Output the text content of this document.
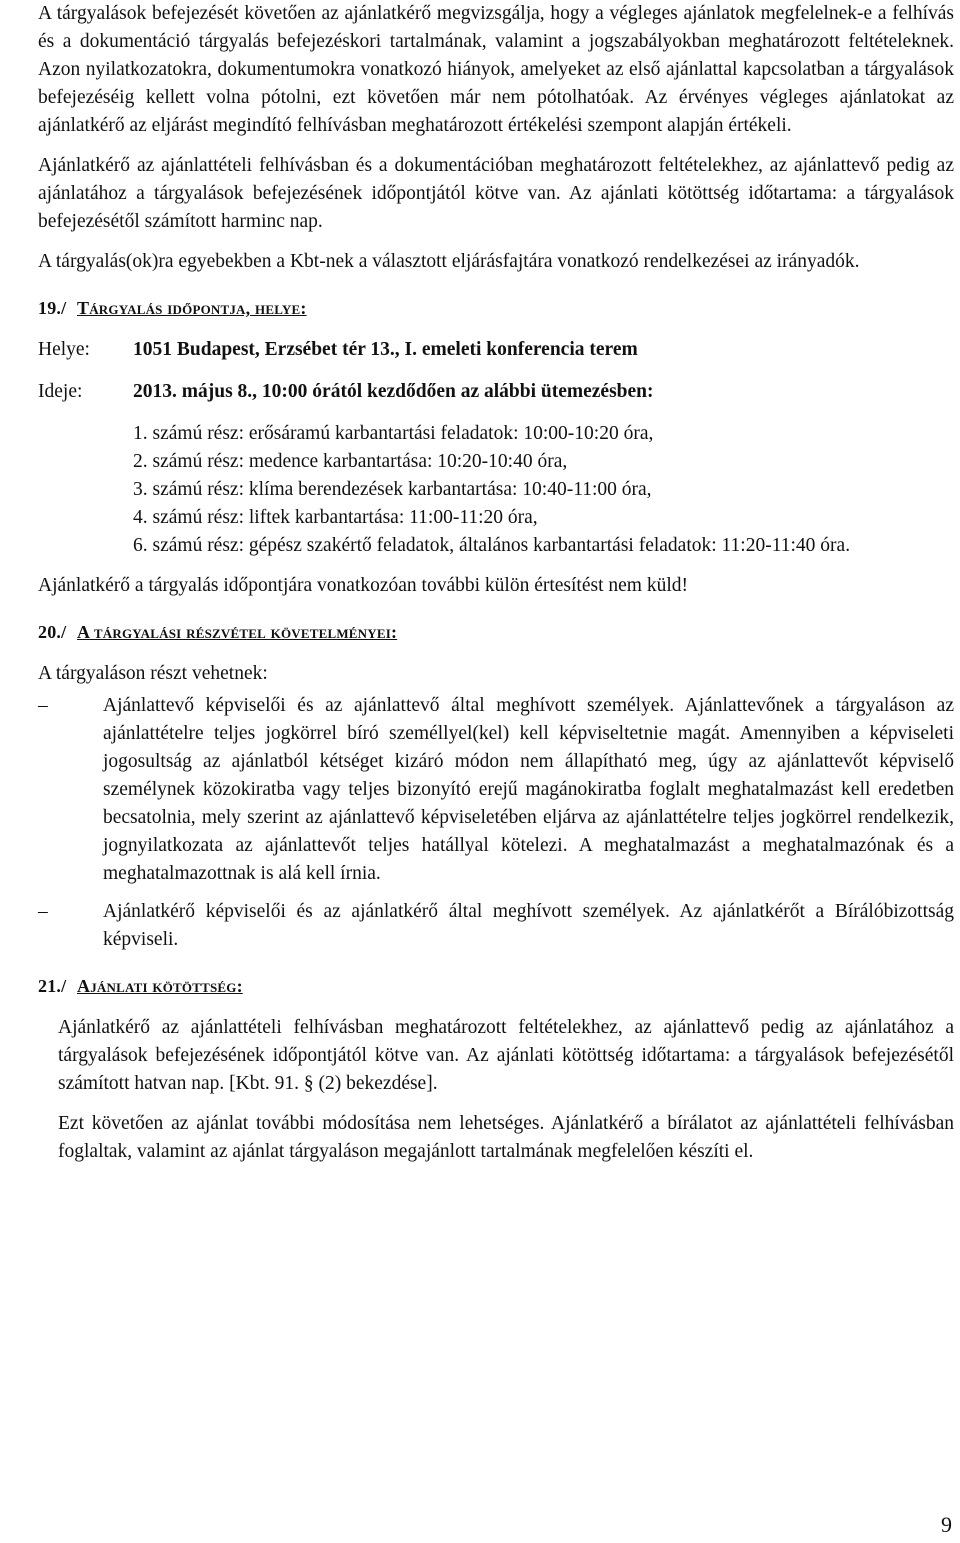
A tárgyalások befejezését követően az ajánlatkérő megvizsgálja, hogy a végleges ajánlatok megfelelnek-e a felhívás és a dokumentáció tárgyalás befejezéskori tartalmának, valamint a jogszabályokban meghatározott feltételeknek. Azon nyilatkozatokra, dokumentumokra vonatkozó hiányok, amelyeket az első ajánlattal kapcsolatban a tárgyalások befejezéséig kellett volna pótolni, ezt követően már nem pótolhatóak. Az érvényes végleges ajánlatokat az ajánlatkérő az eljárást megindító felhívásban meghatározott értékelési szempont alapján értékeli.

Ajánlatkérő az ajánlattételi felhívásban és a dokumentációban meghatározott feltételekhez, az ajánlattevő pedig az ajánlatához a tárgyalások befejezésének időpontjától kötve van. Az ajánlati kötöttség időtartama: a tárgyalások befejezésétől számított harminc nap.

A tárgyalás(ok)ra egyebekben a Kbt-nek a választott eljárásfajtára vonatkozó rendelkezései az irányadók.

19./ Tárgyalás időpontja, helye:
Helye:	1051 Budapest, Erzsébet tér 13., I. emeleti konferencia terem
Ideje:	2013. május 8., 10:00 órától kezdődően az alábbi ütemezésben:

1. számú rész: erősáramú karbantartási feladatok: 10:00-10:20 óra,

2. számú rész: medence karbantartása: 10:20-10:40 óra,

3. számú rész: klíma berendezések karbantartása: 10:40-11:00 óra,

4. számú rész: liftek karbantartása: 11:00-11:20 óra,

6. számú rész: gépész szakértő feladatok, általános karbantartási feladatok: 11:20-11:40 óra.

Ajánlatkérő a tárgyalás időpontjára vonatkozóan további külön értesítést nem küld!

20./ A tárgyalási részvétel követelményei:

A tárgyaláson részt vehetnek:

–	Ajánlattevő képviselői és az ajánlattevő által meghívott személyek. Ajánlattevőnek a tárgyaláson az ajánlattételre teljes jogkörrel bíró személlyel(kel) kell képviseltetnie magát. Amennyiben a képviseleti jogosultság az ajánlatból kétséget kizáró módon nem állapítható meg, úgy az ajánlattevőt képviselő személynek közokiratba vagy teljes bizonyító erejű magánokiratba foglalt meghatalmazást kell eredetben becsatolnia, mely szerint az ajánlattevő képviseletében eljárva az ajánlattételre teljes jogkörrel rendelkezik, jognyilatkozata az ajánlattevőt teljes hatállyal kötelezi. A meghatalmazást a meghatalmazónak és a meghatalmazottnak is alá kell írnia.

–	Ajánlatkérő képviselői és az ajánlatkérő által meghívott személyek. Az ajánlatkérőt a Bírálóbizottság képviseli.

21./ Ajánlati kötöttség:

Ajánlatkérő az ajánlattételi felhívásban meghatározott feltételekhez, az ajánlattevő pedig az ajánlatához a tárgyalások befejezésének időpontjától kötve van. Az ajánlati kötöttség időtartama: a tárgyalások befejezésétől számított hatvan nap. [Kbt. 91. § (2) bekezdése].

Ezt követően az ajánlat további módosítása nem lehetséges. Ajánlatkérő a bírálatot az ajánlattételi felhívásban foglaltak, valamint az ajánlat tárgyaláson megajánlott tartalmának megfelelően készíti el.

9
